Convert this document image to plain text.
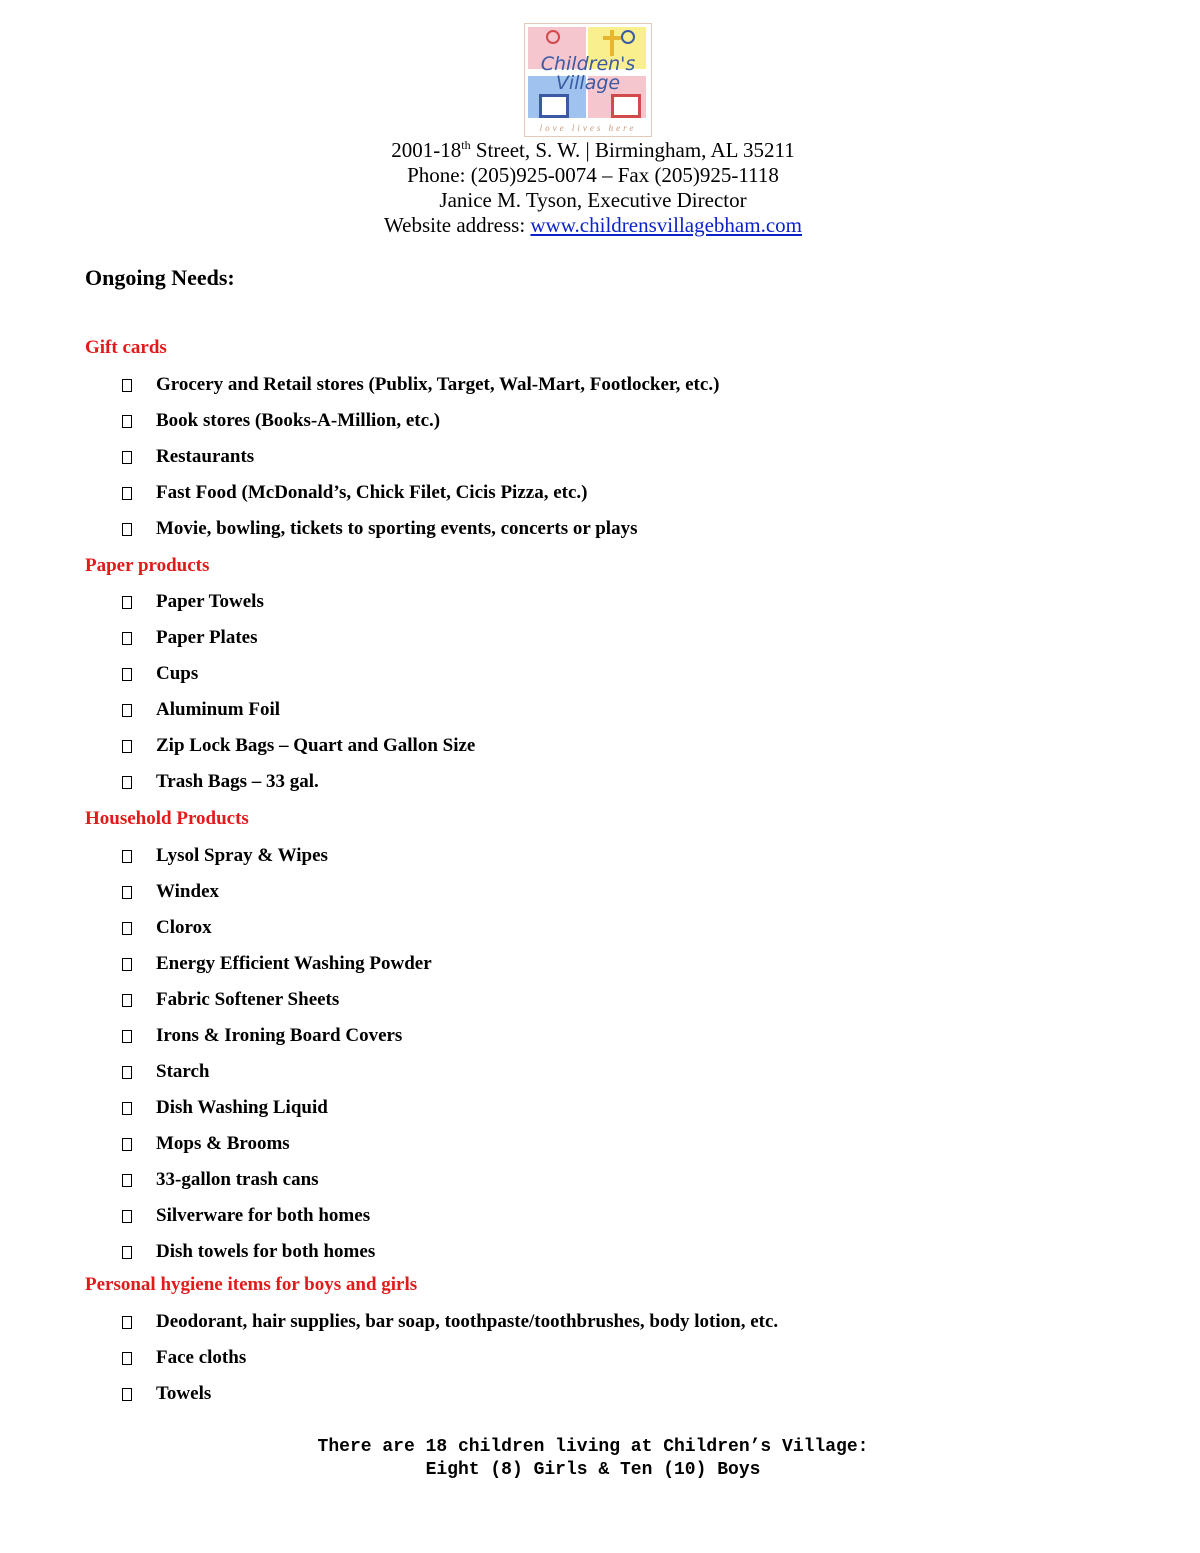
Children's
Village
love lives here
2001-18th Street, S. W. | Birmingham, AL 35211
Phone: (205)925-0074 – Fax (205)925-1118
Janice M. Tyson, Executive Director
Website address: www.childrensvillagebham.com
Ongoing Needs:
Gift cards
Grocery and Retail stores (Publix, Target, Wal-Mart, Footlocker, etc.)
Book stores (Books-A-Million, etc.)
Restaurants
Fast Food (McDonald’s, Chick Filet, Cicis Pizza, etc.)
Movie, bowling, tickets to sporting events, concerts or plays
Paper products
Paper Towels
Paper Plates
Cups
Aluminum Foil
Zip Lock Bags – Quart and Gallon Size
Trash Bags – 33 gal.
Household Products
Lysol Spray & Wipes
Windex
Clorox
Energy Efficient Washing Powder
Fabric Softener Sheets
Irons & Ironing Board Covers
Starch
Dish Washing Liquid
Mops & Brooms
33-gallon trash cans
Silverware for both homes
Dish towels for both homes
Personal hygiene items for boys and girls
Deodorant, hair supplies, bar soap, toothpaste/toothbrushes, body lotion, etc.
Face cloths
Towels
There are 18 children living at Children’s Village:
Eight (8) Girls & Ten (10) Boys
